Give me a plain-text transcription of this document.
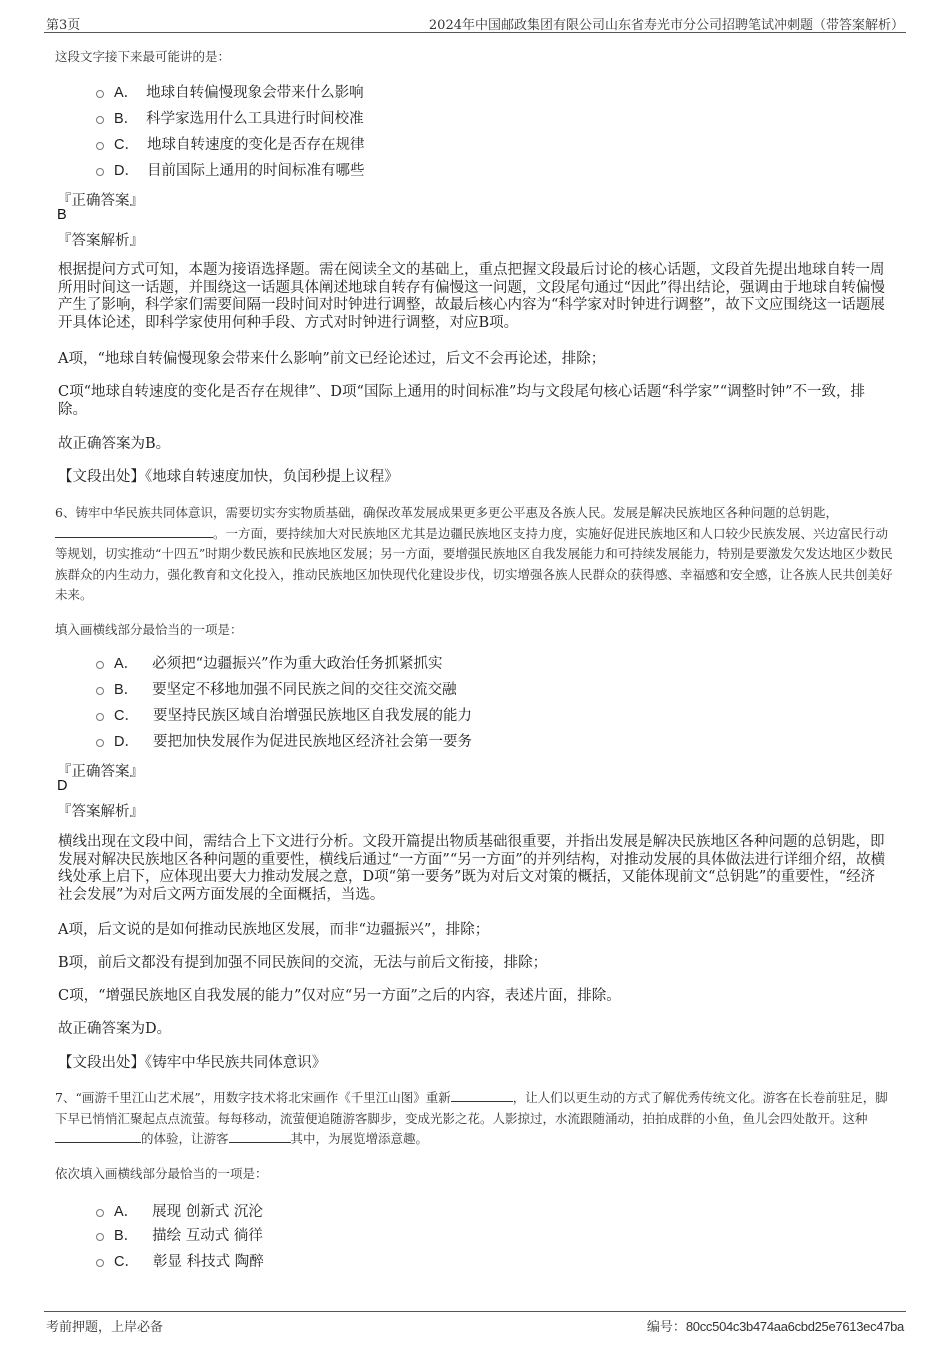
第3页	2024年中国邮政集团有限公司山东省寿光市分公司招聘笔试冲刺题（带答案解析）
这段文字接下来最可能讲的是：
A． 地球自转偏慢现象会带来什么影响
B． 科学家选用什么工具进行时间校准
C． 地球自转速度的变化是否存在规律
D． 目前国际上通用的时间标准有哪些
『正确答案』
B
『答案解析』
根据提问方式可知，本题为接语选择题。需在阅读全文的基础上，重点把握文段最后讨论的核心话题，文段首先提出地球自转一周所用时间这一话题，并围绕这一话题具体阐述地球自转存有偏慢这一问题，文段尾句通过“因此”得出结论，强调由于地球自转偏慢产生了影响，科学家们需要间隔一段时间对时钟进行调整，故最后核心内容为“科学家对时钟进行调整”，故下文应围绕这一话题展开具体论述，即科学家使用何种手段、方式对时钟进行调整，对应B项。
A项，“地球自转偏慢现象会带来什么影响”前文已经论述过，后文不会再论述，排除；
C项“地球自转速度的变化是否存在规律”、D项“国际上通用的时间标准”均与文段尾句核心话题“科学家”“调整时钟”不一致，排除。
故正确答案为B。
【文段出处】《地球自转速度加快，负闰秒提上议程》
6、铸牢中华民族共同体意识，需要切实夯实物质基础，确保改革发展成果更多更公平惠及各族人民。发展是解决民族地区各种问题的总钥匙，。一方面，要持续加大对民族地区尤其是边疆民族地区支持力度，实施好促进民族地区和人口较少民族发展、兴边富民行动等规划，切实推动“十四五”时期少数民族和民族地区发展；另一方面，要增强民族地区自我发展能力和可持续发展能力，特别是要激发欠发达地区少数民族群众的内生动力，强化教育和文化投入，推动民族地区加快现代化建设步伐，切实增强各族人民群众的获得感、幸福感和安全感，让各族人民共创美好未来。
填入画横线部分最恰当的一项是：
A． 必须把“边疆振兴”作为重大政治任务抓紧抓实
B． 要坚定不移地加强不同民族之间的交往交流交融
C． 要坚持民族区域自治增强民族地区自我发展的能力
D． 要把加快发展作为促进民族地区经济社会第一要务
『正确答案』
D
『答案解析』
横线出现在文段中间，需结合上下文进行分析。文段开篇提出物质基础很重要，并指出发展是解决民族地区各种问题的总钥匙，即发展对解决民族地区各种问题的重要性，横线后通过“一方面”“另一方面”的并列结构，对推动发展的具体做法进行详细介绍，故横线处承上启下，应体现出要大力推动发展之意，D项“第一要务”既为对后文对策的概括，又能体现前文“总钥匙”的重要性，“经济社会发展”为对后文两方面发展的全面概括，当选。
A项，后文说的是如何推动民族地区发展，而非“边疆振兴”，排除；
B项，前后文都没有提到加强不同民族间的交流，无法与前后文衔接，排除；
C项，“增强民族地区自我发展的能力”仅对应“另一方面”之后的内容，表述片面，排除。
故正确答案为D。
【文段出处】《铸牢中华民族共同体意识》
7、“画游千里江山艺术展”，用数字技术将北宋画作《千里江山图》重新	，让人们以更生动的方式了解优秀传统文化。游客在长卷前驻足，脚下早已悄悄汇聚起点点流萤。每每移动，流萤便追随游客脚步，变成光影之花。人影掠过，水流跟随涌动，拍拍成群的小鱼，鱼儿会四处散开。这种的体验，让游客	其中，为展览增添意趣。
依次填入画横线部分最恰当的一项是：
A． 展现 创新式 沉沦
B． 描绘 互动式 徜徉
C． 彰显 科技式 陶醉
考前押题，上岸必备	编号：80cc504c3b474aa6cbd25e7613ec47ba
